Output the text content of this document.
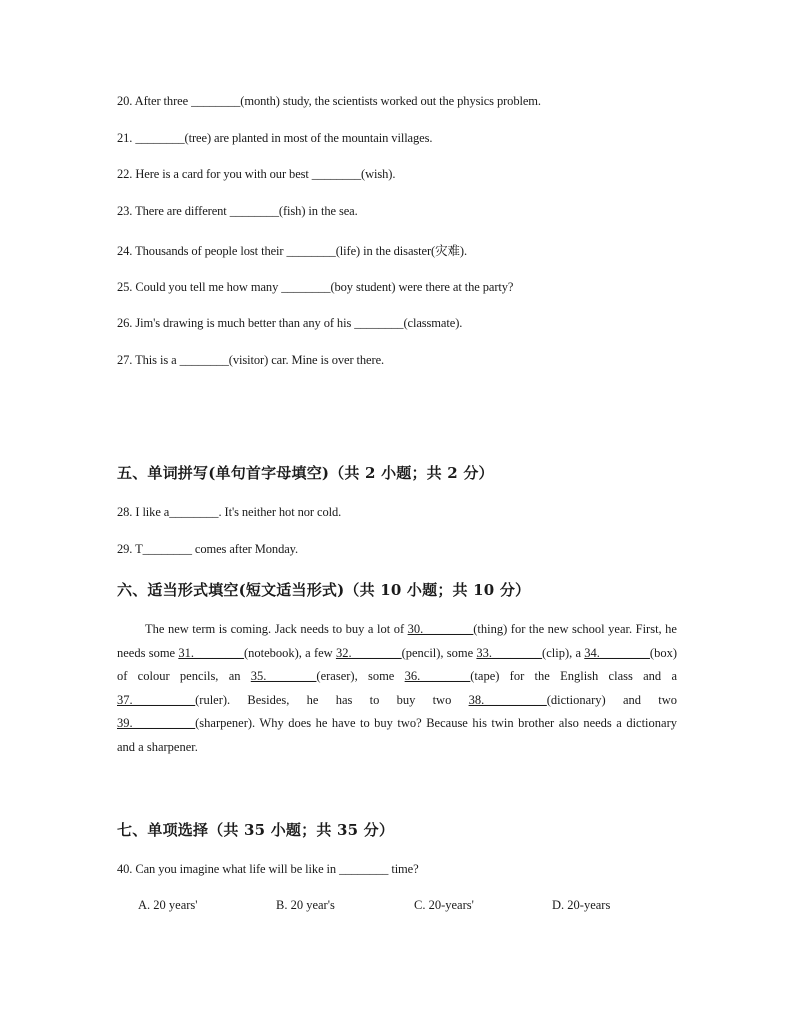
20. After three ________(month) study, the scientists worked out the physics problem.
21. ________(tree) are planted in most of the mountain villages.
22. Here is a card for you with our best ________(wish).
23. There are different ________(fish) in the sea.
24. Thousands of people lost their ________(life) in the disaster(灾难).
25. Could you tell me how many ________(boy student) were there at the party?
26. Jim's drawing is much better than any of his ________(classmate).
27. This is a ________(visitor) car. Mine is over there.
五、单词拼写(单句首字母填空)（共 2 小题；共 2 分）
28. I like a________. It's neither hot nor cold.
29. T________ comes after Monday.
六、适当形式填空(短文适当形式)（共 10 小题；共 10 分）
The new term is coming. Jack needs to buy a lot of 30.________(thing) for the new school year. First, he needs some 31.________(notebook), a few 32.________(pencil), some 33.________(clip), a 34.________(box) of colour pencils, an 35.________(eraser), some 36.________(tape) for the English class and a 37.__________(ruler). Besides, he has to buy two 38.__________(dictionary) and two 39.__________(sharpener). Why does he have to buy two? Because his twin brother also needs a dictionary and a sharpener.
七、单项选择（共 35 小题；共 35 分）
40. Can you imagine what life will be like in ________ time?
A. 20 years'	B. 20 year's	C. 20-years'	D. 20-years
